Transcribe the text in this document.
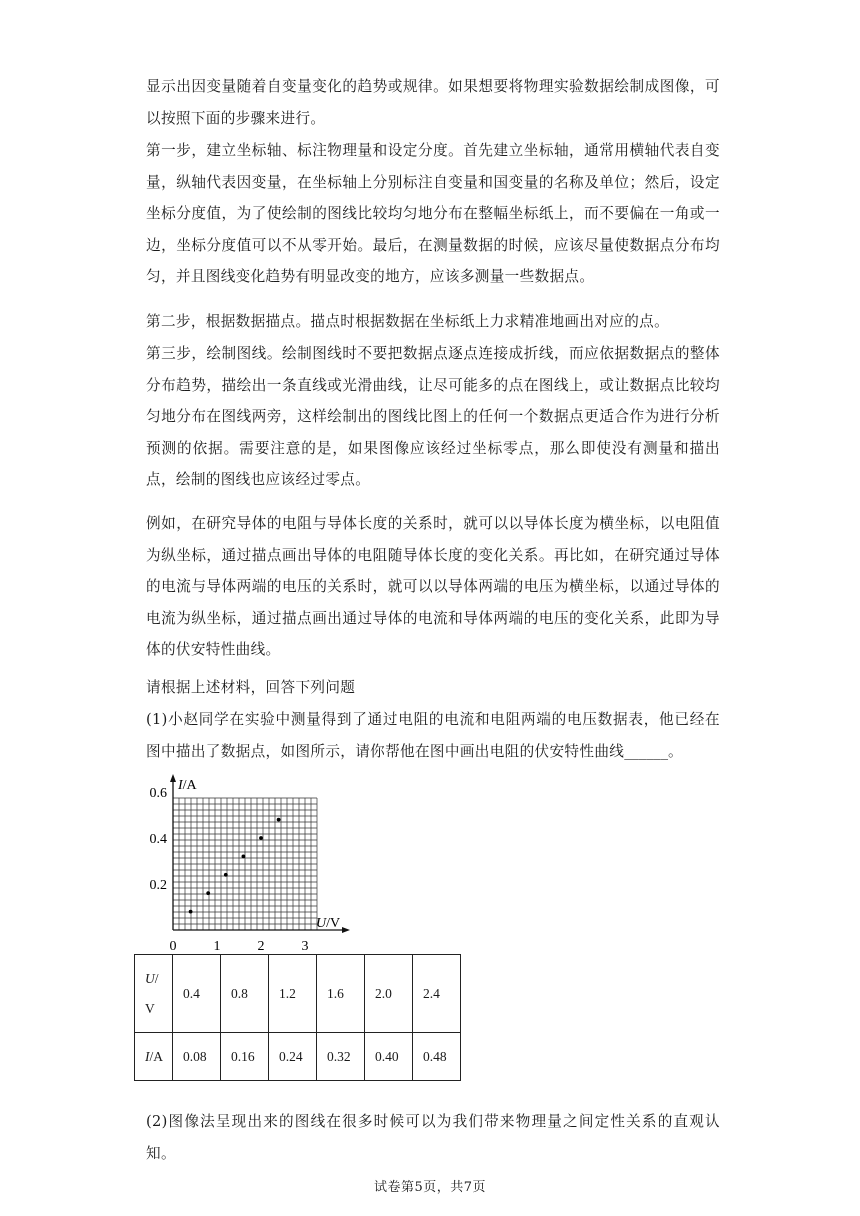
显示出因变量随着自变量变化的趋势或规律。如果想要将物理实验数据绘制成图像，可以按照下面的步骤来进行。

第一步，建立坐标轴、标注物理量和设定分度。首先建立坐标轴，通常用横轴代表自变量，纵轴代表因变量，在坐标轴上分别标注自变量和国变量的名称及单位；然后，设定坐标分度值，为了使绘制的图线比较均匀地分布在整幅坐标纸上，而不要偏在一角或一边，坐标分度值可以不从零开始。最后，在测量数据的时候，应该尽量使数据点分布均匀，并且图线变化趋势有明显改变的地方，应该多测量一些数据点。

第二步，根据数据描点。描点时根据数据在坐标纸上力求精准地画出对应的点。

第三步，绘制图线。绘制图线时不要把数据点逐点连接成折线，而应依据数据点的整体分布趋势，描绘出一条直线或光滑曲线，让尽可能多的点在图线上，或让数据点比较均匀地分布在图线两旁，这样绘制出的图线比图上的任何一个数据点更适合作为进行分析预测的依据。需要注意的是，如果图像应该经过坐标零点，那么即使没有测量和描出点，绘制的图线也应该经过零点。

例如，在研究导体的电阻与导体长度的关系时，就可以以导体长度为横坐标，以电阻值为纵坐标，通过描点画出导体的电阻随导体长度的变化关系。再比如，在研究通过导体的电流与导体两端的电压的关系时，就可以以导体两端的电压为横坐标，以通过导体的电流为纵坐标，通过描点画出通过导体的电流和导体两端的电压的变化关系，此即为导体的伏安特性曲线。

请根据上述材料，回答下列问题

(1)小赵同学在实验中测量得到了通过电阻的电流和电阻两端的电压数据表，他已经在图中描出了数据点，如图所示，请你帮他在图中画出电阻的伏安特性曲线______。

0	1	2	3
0.2
0.4
0.6
I/A
U/V
U/
V	0.4	0.8	1.2	1.6	2.0	2.4
I/A	0.08	0.16	0.24	0.32	0.40	0.48

(2)图像法呈现出来的图线在很多时候可以为我们带来物理量之间定性关系的直观认知。

试卷第5页，共7页
